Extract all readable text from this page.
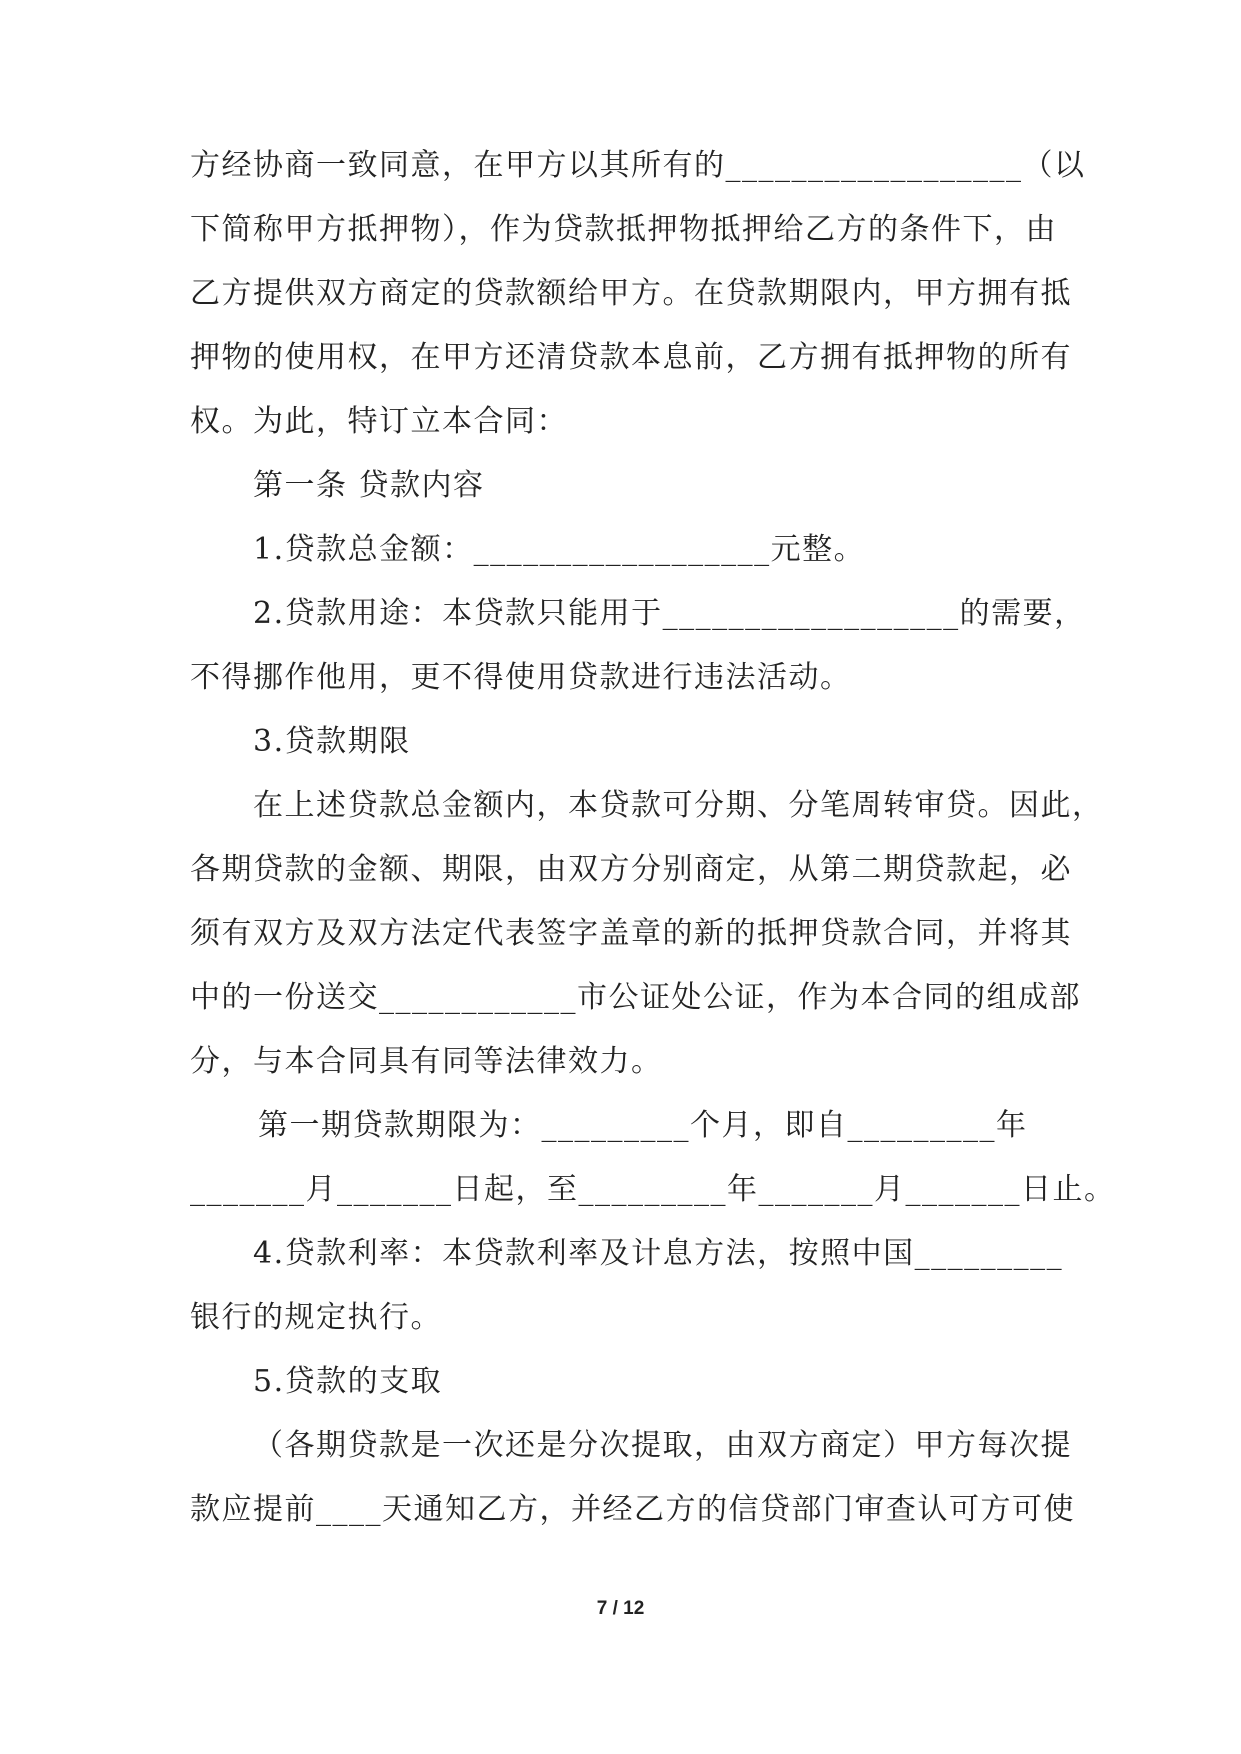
方经协商一致同意，在甲方以其所有的__________________（以
下简称甲方抵押物），作为贷款抵押物抵押给乙方的条件下，由
乙方提供双方商定的贷款额给甲方。在贷款期限内，甲方拥有抵
押物的使用权，在甲方还清贷款本息前，乙方拥有抵押物的所有
权。为此，特订立本合同：
第一条 贷款内容
1.贷款总金额：__________________元整。
2.贷款用途：本贷款只能用于__________________的需要，
不得挪作他用，更不得使用贷款进行违法活动。
3.贷款期限
在上述贷款总金额内，本贷款可分期、分笔周转审贷。因此，
各期贷款的金额、期限，由双方分别商定，从第二期贷款起，必
须有双方及双方法定代表签字盖章的新的抵押贷款合同，并将其
中的一份送交____________市公证处公证，作为本合同的组成部
分，与本合同具有同等法律效力。
第一期贷款期限为：_________个月，即自_________年
_______月_______日起，至_________年_______月_______日止。
4.贷款利率：本贷款利率及计息方法，按照中国_________
银行的规定执行。
5.贷款的支取
（各期贷款是一次还是分次提取，由双方商定）甲方每次提
款应提前____天通知乙方，并经乙方的信贷部门审查认可方可使
7 / 12
